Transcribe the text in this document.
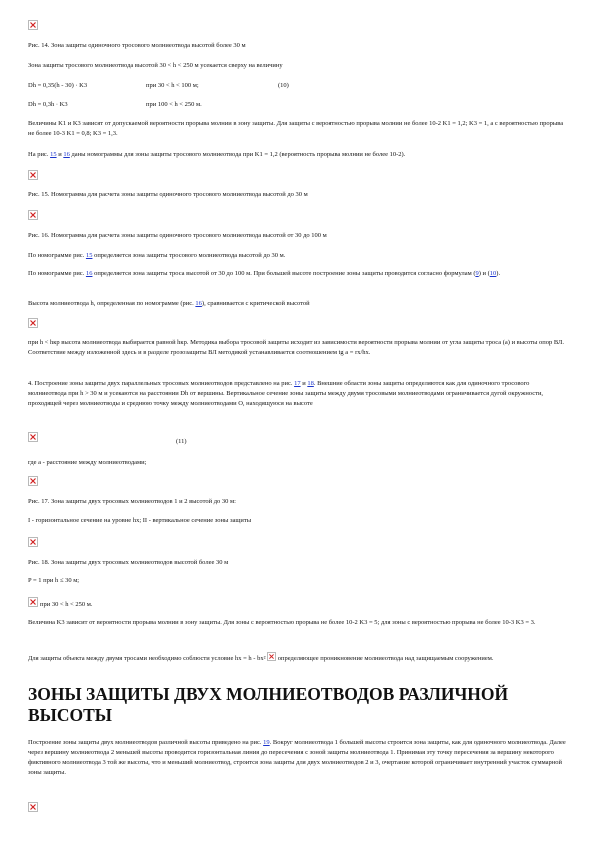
Рис. 14. Зона защиты одиночного тросового молниеотвода высотой более 30 м

Зона защиты тросового молниеотвода высотой 30 < h < 250 м усекается сверху на величину

Dh = 0,35(h - 30) · K3	при 30 < h < 100 м;	(10)

Dh = 0,3h · K3	при 100 < h < 250 м.

Величины K1 и K3 зависят от допускаемой вероятности прорыва молнии в зону защиты. Для защиты с вероятностью прорыва молнии не более 10-2 K1 = 1,2; K3 = 1, а с вероятностью прорыва не более 10-3 K1 = 0,8; K3 = 1,3.

На рис. 15 и 16 даны номограммы для зоны защиты тросового молниеотвода при K1 = 1,2 (вероятность прорыва молнии не более 10-2).

Рис. 15. Номограмма для расчета зоны защиты одиночного тросового молниеотвода высотой до 30 м

Рис. 16. Номограмма для расчета зоны защиты одиночного тросового молниеотвода высотой от 30 до 100 м

По номограмме рис. 15 определяется зона защиты тросового молниеотвода высотой до 30 м.

По номограмме рис. 16 определяется зона защиты троса высотой от 30 до 100 м. При большей высоте построение зоны защиты проводится согласно формулам (9) и (10).

Высота молниеотвода h, определенная по номограмме (рис. 16), сравнивается с критической высотой

при h < hкр высота молниеотвода выбирается равной hкр. Методика выбора тросовой защиты исходит из зависимости вероятности прорыва молнии от угла защиты троса (a) и высоты опор ВЛ. Соответствие между изложенной здесь и в разделе грозозащиты ВЛ методикой устанавливается соотношением tg a = rx/hx.

4. Построение зоны защиты двух параллельных тросовых молниеотводов представлено на рис. 17 и 18. Внешние области зоны защиты определяются как для одиночного тросового молниеотвода при h > 30 м и усекаются на расстоянии Dh от вершины. Вертикальное сечение зоны защиты между двумя тросовыми молниеотводами ограничивается дугой окружности, проходящей через молниеотводы и среднюю точку между молниеотводами O, находящуюся на высоте

(11)

где а - расстояние между молниеотводами;

Рис. 17. Зона защиты двух тросовых молниеотводов 1 и 2 высотой до 30 м:

I - горизонтальное сечение на уровне hx; II - вертикальное сечение зоны защиты

Рис. 18. Зона защиты двух тросовых молниеотводов высотой более 30 м

P = 1 при h ≤ 30 м;

при 30 < h < 250 м.

Величина K3 зависит от вероятности прорыва молнии в зону защиты. Для зоны с вероятностью прорыва не более 10-2 K3 = 5; для зоны с вероятностью прорыва не более 10-3 K3 = 3.

Для защиты объекта между двумя тросами необходимо соблюсти условие hx = h - bx² определяющее проникновение молниеотвода над защищаемым сооружением.

ЗОНЫ ЗАЩИТЫ ДВУХ МОЛНИЕОТВОДОВ РАЗЛИЧНОЙ ВЫСОТЫ

Построение зоны защиты двух молниеотводов различной высоты приведено на рис. 19. Вокруг молниеотвода 1 большей высоты строится зона защиты, как для одиночного молниеотвода. Далее через вершину молниеотвода 2 меньшей высоты проводится горизонтальная линия до пересечения с зоной защиты молниеотвода 1. Принимая эту точку пересечения за вершину некоторого фиктивного молниеотвода 3 той же высоты, что и меньший молниеотвод, строится зона защиты для двух молниеотводов 2 и 3, очертание которой ограничивает внутренний участок суммарной зоны защиты.
